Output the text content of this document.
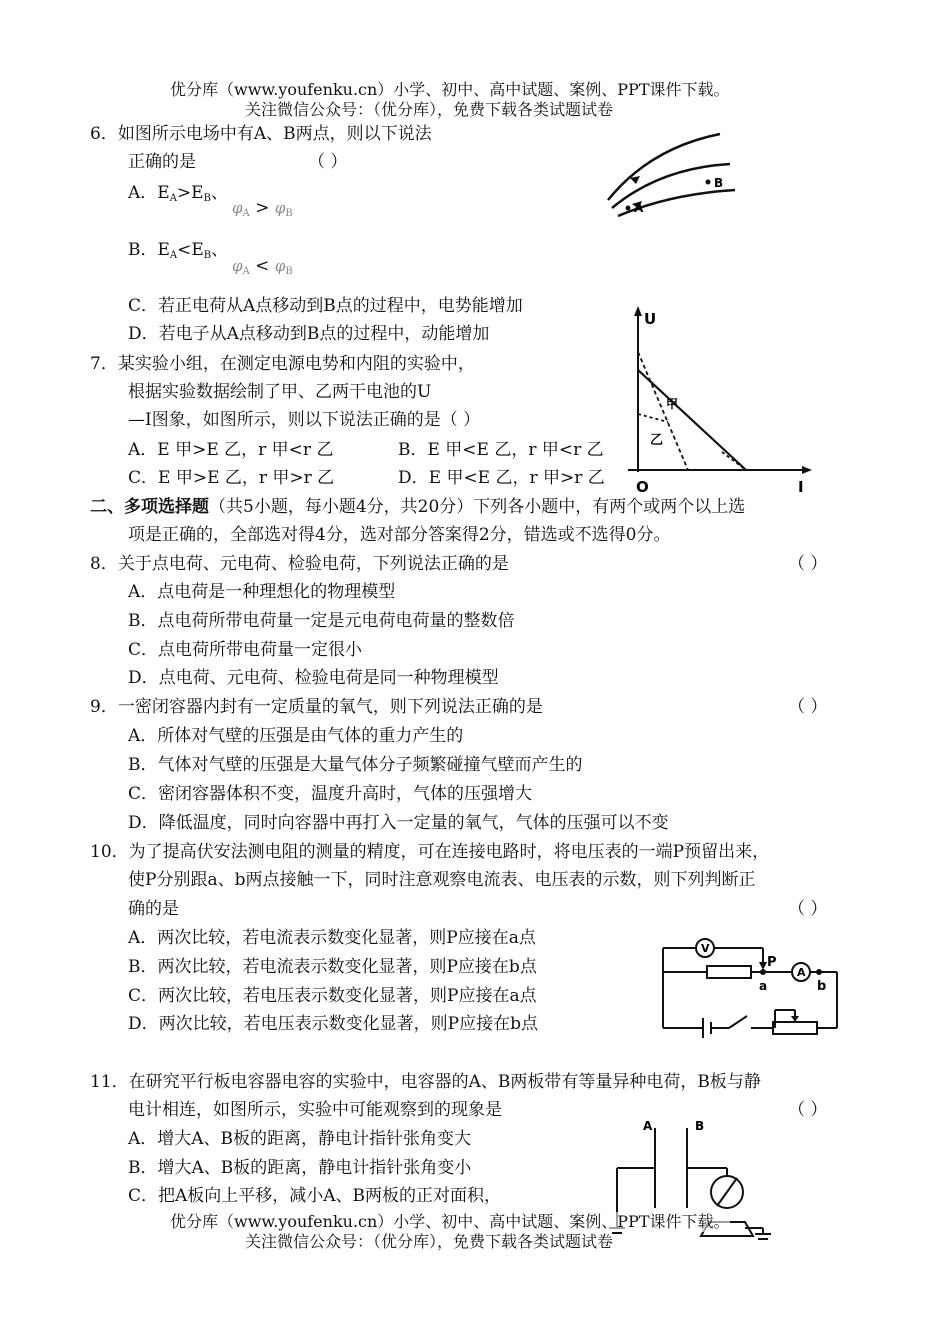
优分库（www.youfenku.cn）小学、初中、高中试题、案例、PPT课件下载。
关注微信公众号：（优分库），免费下载各类试题试卷
6．如图所示电场中有A、B两点，则以下说法
正确的是	（ ）
A．$E_A>E_B$、
$\varphi_A > \varphi_B$
B．$E_A<E_B$、
$\varphi_A < \varphi_B$
C．若正电荷从A点移动到B点的过程中，电势能增加
D．若电子从A点移动到B点的过程中，动能增加
A
B
7．某实验小组，在测定电源电势和内阻的实验中，
根据实验数据绘制了甲、乙两干电池的U
—I图象，如图所示，则以下说法正确的是（ ）
A．E 甲>E 乙，r 甲<r 乙	B．E 甲<E 乙，r 甲<r 乙
C．E 甲>E 乙，r 甲>r 乙	D．E 甲<E 乙，r 甲>r 乙
U
I
O
甲
乙
二、多项选择题（共5小题，每小题4分，共20分）下列各小题中，有两个或两个以上选
项是正确的，全部选对得4分，选对部分答案得2分，错选或不选得0分。
8．关于点电荷、元电荷、检验电荷，下列说法正确的是	（ ）
A．点电荷是一种理想化的物理模型
B．点电荷所带电荷量一定是元电荷电荷量的整数倍
C．点电荷所带电荷量一定很小
D．点电荷、元电荷、检验电荷是同一种物理模型
9．一密闭容器内封有一定质量的氧气，则下列说法正确的是	（ ）
A．所体对气壁的压强是由气体的重力产生的
B．气体对气壁的压强是大量气体分子频繁碰撞气壁而产生的
C．密闭容器体积不变，温度升高时，气体的压强增大
D．降低温度，同时向容器中再打入一定量的氧气，气体的压强可以不变
10．为了提高伏安法测电阻的测量的精度，可在连接电路时，将电压表的一端P预留出来，
使P分别跟a、b两点接触一下，同时注意观察电流表、电压表的示数，则下列判断正
确的是	（ ）
A．两次比较，若电流表示数变化显著，则P应接在a点
B．两次比较，若电流表示数变化显著，则P应接在b点
C．两次比较，若电压表示数变化显著，则P应接在a点
D．两次比较，若电压表示数变化显著，则P应接在b点
V
A
P
a	b
11．在研究平行板电容器电容的实验中，电容器的A、B两板带有等量异种电荷，B板与静
电计相连，如图所示，实验中可能观察到的现象是	（ ）
A．增大A、B板的距离，静电计指针张角变大
B．增大A、B板的距离，静电计指针张角变小
C．把A板向上平移，减小A、B两板的正对面积，
A	B
优分库（www.youfenku.cn）小学、初中、高中试题、案例、PPT课件下载。
关注微信公众号：（优分库），免费下载各类试题试卷
